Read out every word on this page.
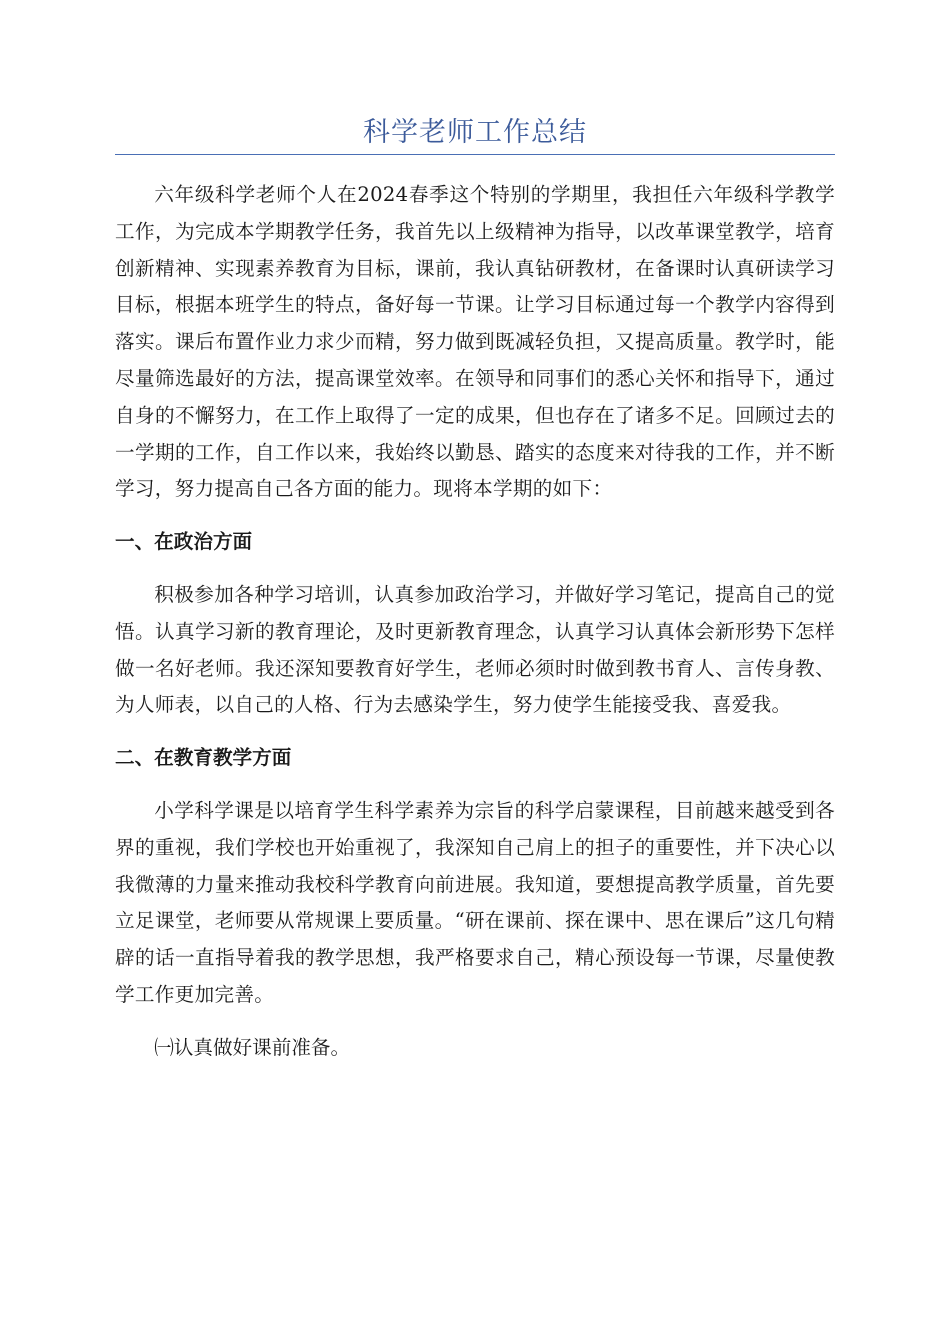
科学老师工作总结

六年级科学老师个人在2024春季这个特别的学期里，我担任六年级科学教学工作，为完成本学期教学任务，我首先以上级精神为指导，以改革课堂教学，培育创新精神、实现素养教育为目标，课前，我认真钻研教材，在备课时认真研读学习目标，根据本班学生的特点，备好每一节课。让学习目标通过每一个教学内容得到落实。课后布置作业力求少而精，努力做到既减轻负担，又提高质量。教学时，能尽量筛选最好的方法，提高课堂效率。在领导和同事们的悉心关怀和指导下，通过自身的不懈努力，在工作上取得了一定的成果，但也存在了诸多不足。回顾过去的一学期的工作，自工作以来，我始终以勤恳、踏实的态度来对待我的工作，并不断学习，努力提高自己各方面的能力。现将本学期的如下：

一、在政治方面

积极参加各种学习培训，认真参加政治学习，并做好学习笔记，提高自己的觉悟。认真学习新的教育理论，及时更新教育理念，认真学习认真体会新形势下怎样做一名好老师。我还深知要教育好学生，老师必须时时做到教书育人、言传身教、为人师表，以自己的人格、行为去感染学生，努力使学生能接受我、喜爱我。

二、在教育教学方面

小学科学课是以培育学生科学素养为宗旨的科学启蒙课程，目前越来越受到各界的重视，我们学校也开始重视了，我深知自己肩上的担子的重要性，并下决心以我微薄的力量来推动我校科学教育向前进展。我知道，要想提高教学质量，首先要立足课堂，老师要从常规课上要质量。“研在课前、探在课中、思在课后”这几句精辟的话一直指导着我的教学思想，我严格要求自己，精心预设每一节课，尽量使教学工作更加完善。

㈠认真做好课前准备。
